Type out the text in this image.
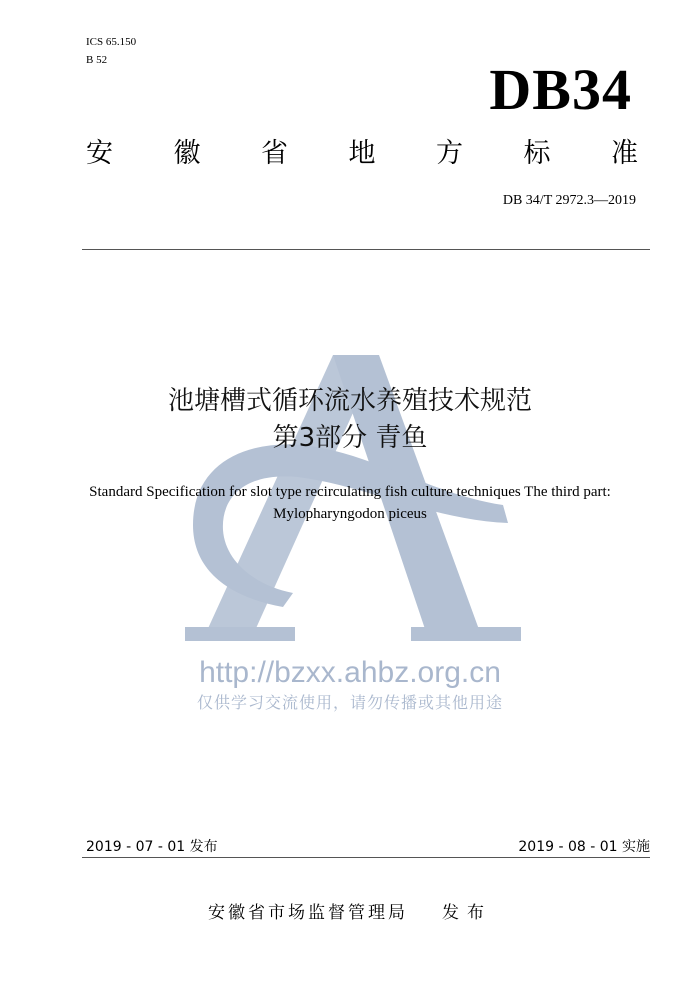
ICS 65.150
B 52	DB34
安 徽 省 地 方 标 准
DB 34/T 2972.3—2019
池塘槽式循环流水养殖技术规范
第3部分 青鱼
Standard Specification for slot type recirculating fish culture techniques The third part: Mylopharyngodon piceus
http://bzxx.ahbz.org.cn
仅供学习交流使用，请勿传播或其他用途
2019 - 07 - 01 发布	2019 - 08 - 01 实施
安徽省市场监督管理局 发布
